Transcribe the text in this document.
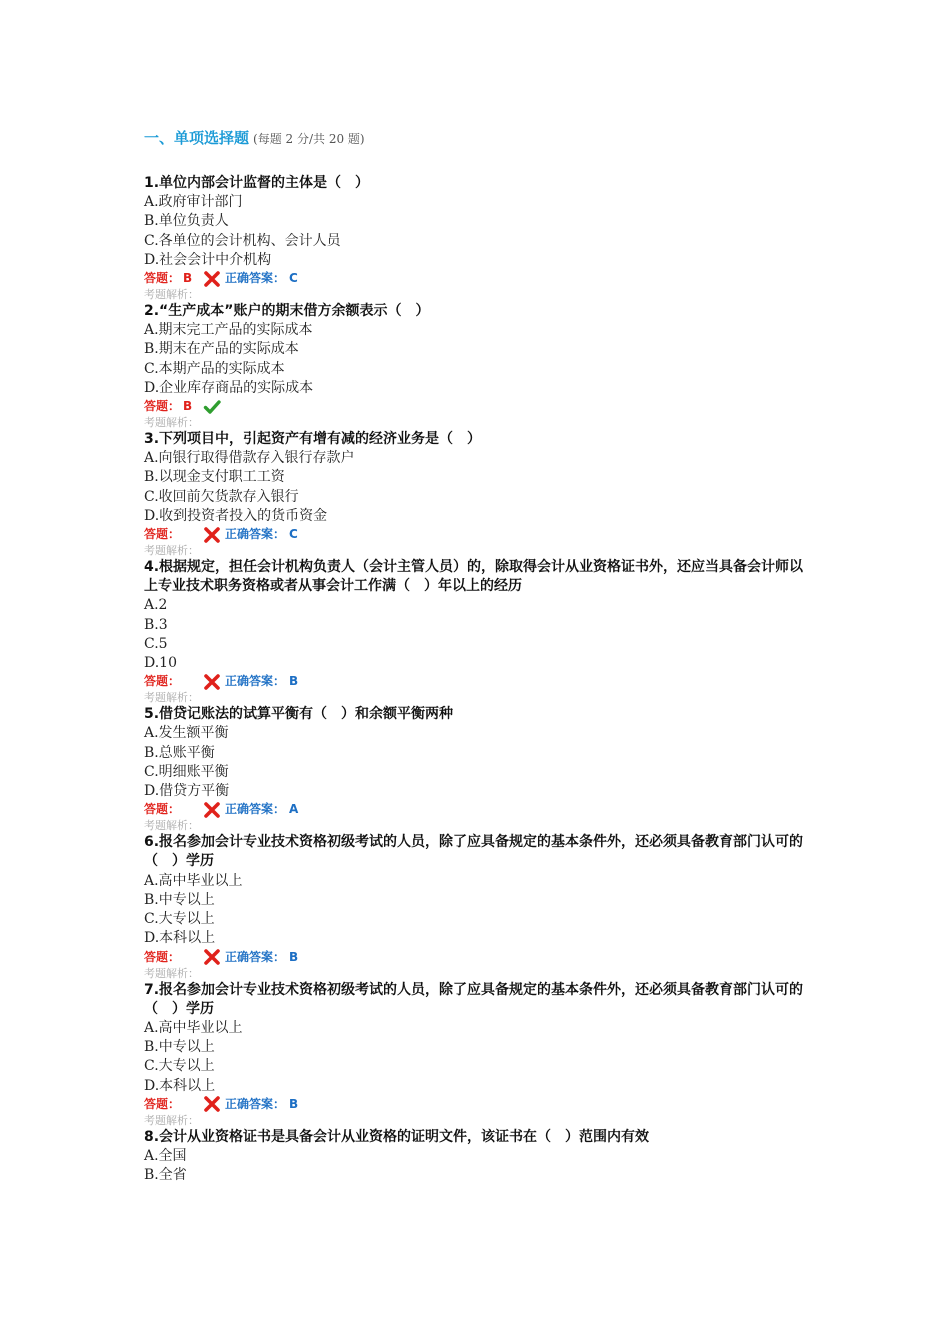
一、单项选择题 (每题 2 分/共 20 题)
1.单位内部会计监督的主体是（　）
A.政府审计部门
B.单位负责人
C.各单位的会计机构、会计人员
D.社会会计中介机构
答题： B	正确答案： C
考题解析：
2.“生产成本”账户的期末借方余额表示（　）
A.期末完工产品的实际成本
B.期末在产品的实际成本
C.本期产品的实际成本
D.企业库存商品的实际成本
答题： B
考题解析：
3.下列项目中，引起资产有增有减的经济业务是（　）
A.向银行取得借款存入银行存款户
B.以现金支付职工工资
C.收回前欠货款存入银行
D.收到投资者投入的货币资金
答题：	正确答案： C
考题解析：
4.根据规定，担任会计机构负责人（会计主管人员）的，除取得会计从业资格证书外，还应当具备会计师以上专业技术职务资格或者从事会计工作满（　）年以上的经历
A.2
B.3
C.5
D.10
答题：	正确答案： B
考题解析：
5.借贷记账法的试算平衡有（　）和余额平衡两种
A.发生额平衡
B.总账平衡
C.明细账平衡
D.借贷方平衡
答题：	正确答案： A
考题解析：
6.报名参加会计专业技术资格初级考试的人员，除了应具备规定的基本条件外，还必须具备教育部门认可的（　）学历
A.高中毕业以上
B.中专以上
C.大专以上
D.本科以上
答题：	正确答案： B
考题解析：
7.报名参加会计专业技术资格初级考试的人员，除了应具备规定的基本条件外，还必须具备教育部门认可的（　）学历
A.高中毕业以上
B.中专以上
C.大专以上
D.本科以上
答题：	正确答案： B
考题解析：
8.会计从业资格证书是具备会计从业资格的证明文件，该证书在（　）范围内有效
A.全国
B.全省
